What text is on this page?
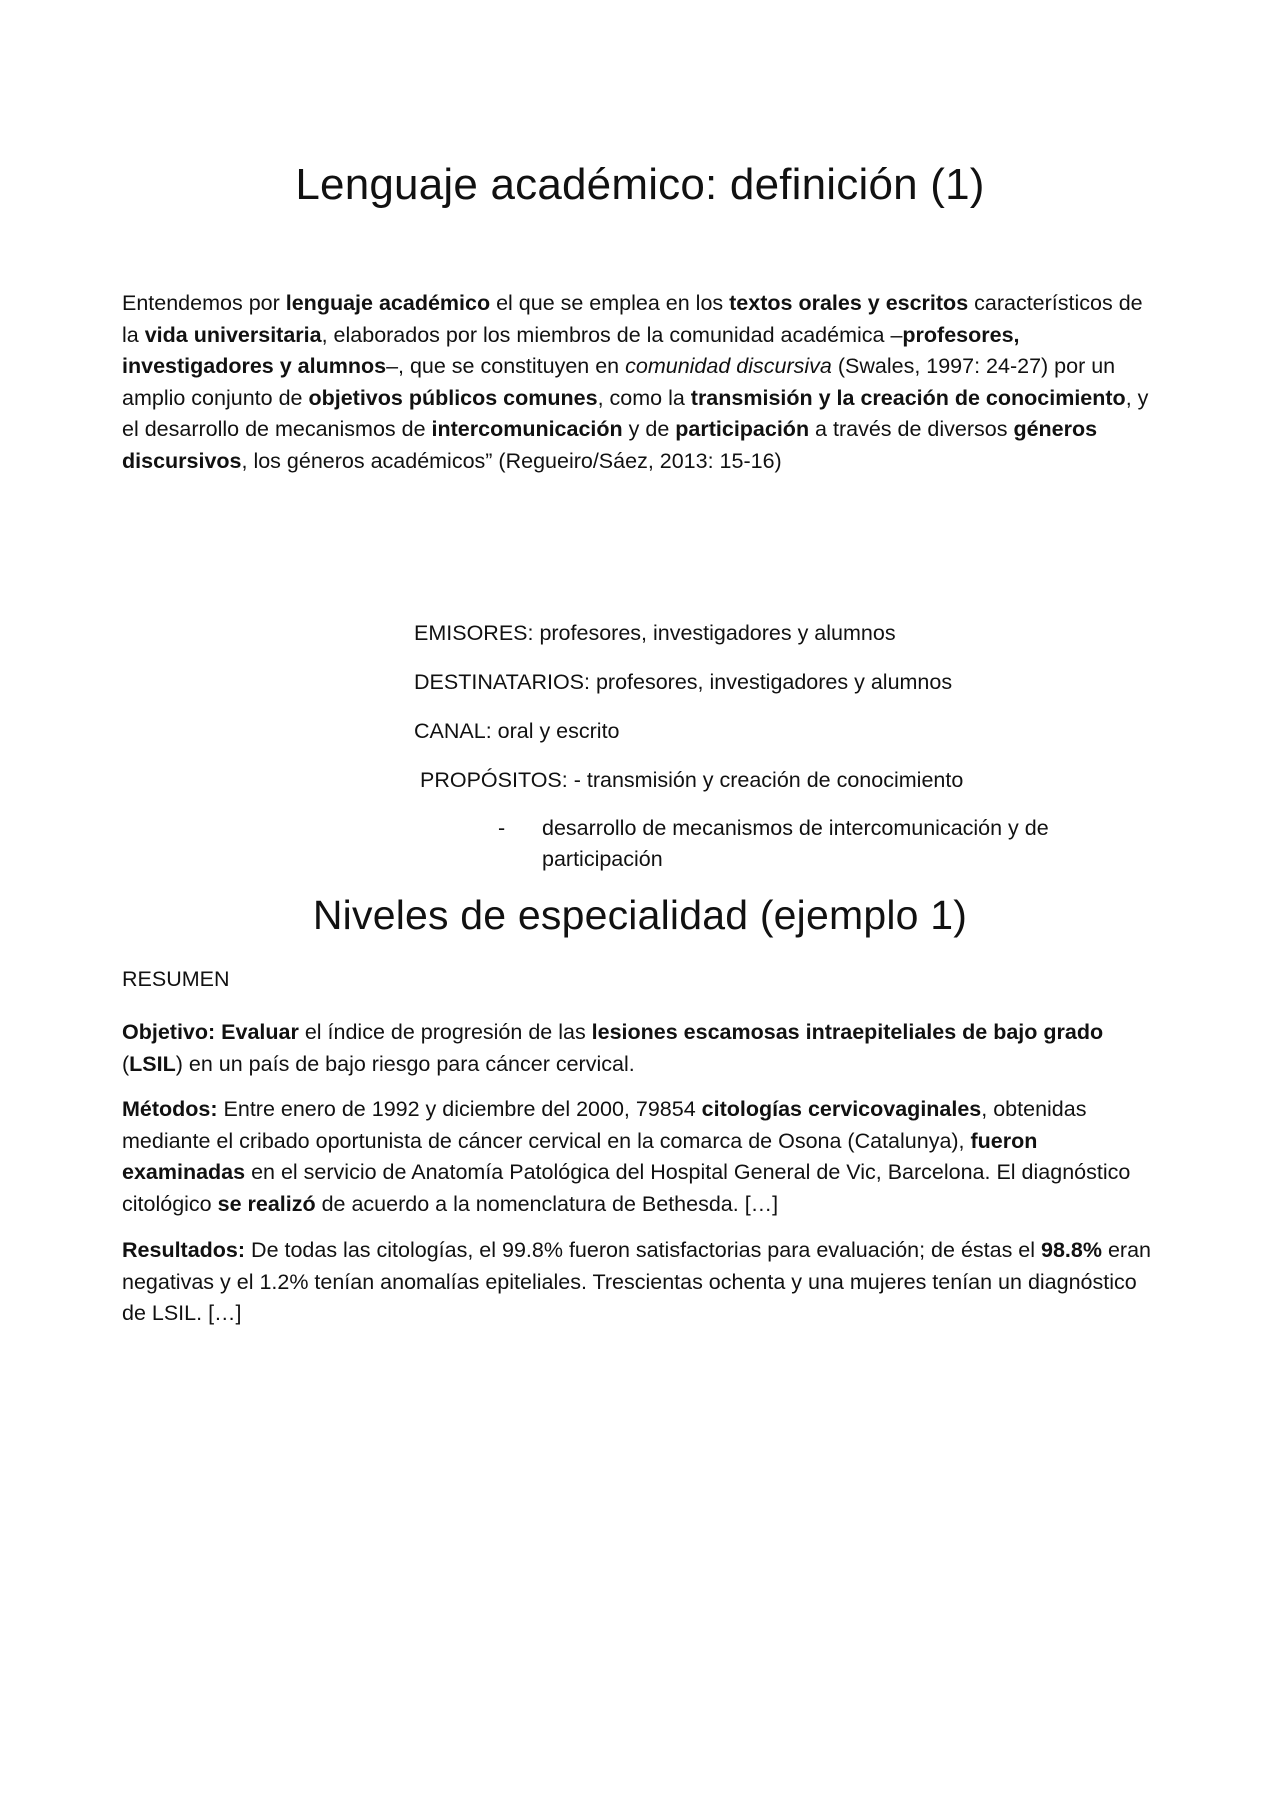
Lenguaje académico: definición (1)

Entendemos por lenguaje académico el que se emplea en los textos orales y escritos característicos de la vida universitaria, elaborados por los miembros de la comunidad académica –profesores, investigadores y alumnos–, que se constituyen en comunidad discursiva (Swales, 1997: 24-27) por un amplio conjunto de objetivos públicos comunes, como la transmisión y la creación de conocimiento, y el desarrollo de mecanismos de intercomunicación y de participación a través de diversos géneros discursivos, los géneros académicos” (Regueiro/Sáez, 2013: 15-16)

EMISORES: profesores, investigadores y alumnos
DESTINATARIOS: profesores, investigadores y alumnos
CANAL: oral y escrito
PROPÓSITOS: - transmisión y creación de conocimiento
- desarrollo de mecanismos de intercomunicación y de participación
Niveles de especialidad (ejemplo 1)
RESUMEN

Objetivo: Evaluar el índice de progresión de las lesiones escamosas intraepiteliales de bajo grado (LSIL) en un país de bajo riesgo para cáncer cervical.

Métodos: Entre enero de 1992 y diciembre del 2000, 79854 citologías cervicovaginales, obtenidas mediante el cribado oportunista de cáncer cervical en la comarca de Osona (Catalunya), fueron examinadas en el servicio de Anatomía Patológica del Hospital General de Vic, Barcelona. El diagnóstico citológico se realizó de acuerdo a la nomenclatura de Bethesda. […]

Resultados: De todas las citologías, el 99.8% fueron satisfactorias para evaluación; de éstas el 98.8% eran negativas y el 1.2% tenían anomalías epiteliales. Trescientas ochenta y una mujeres tenían un diagnóstico de LSIL. […]
